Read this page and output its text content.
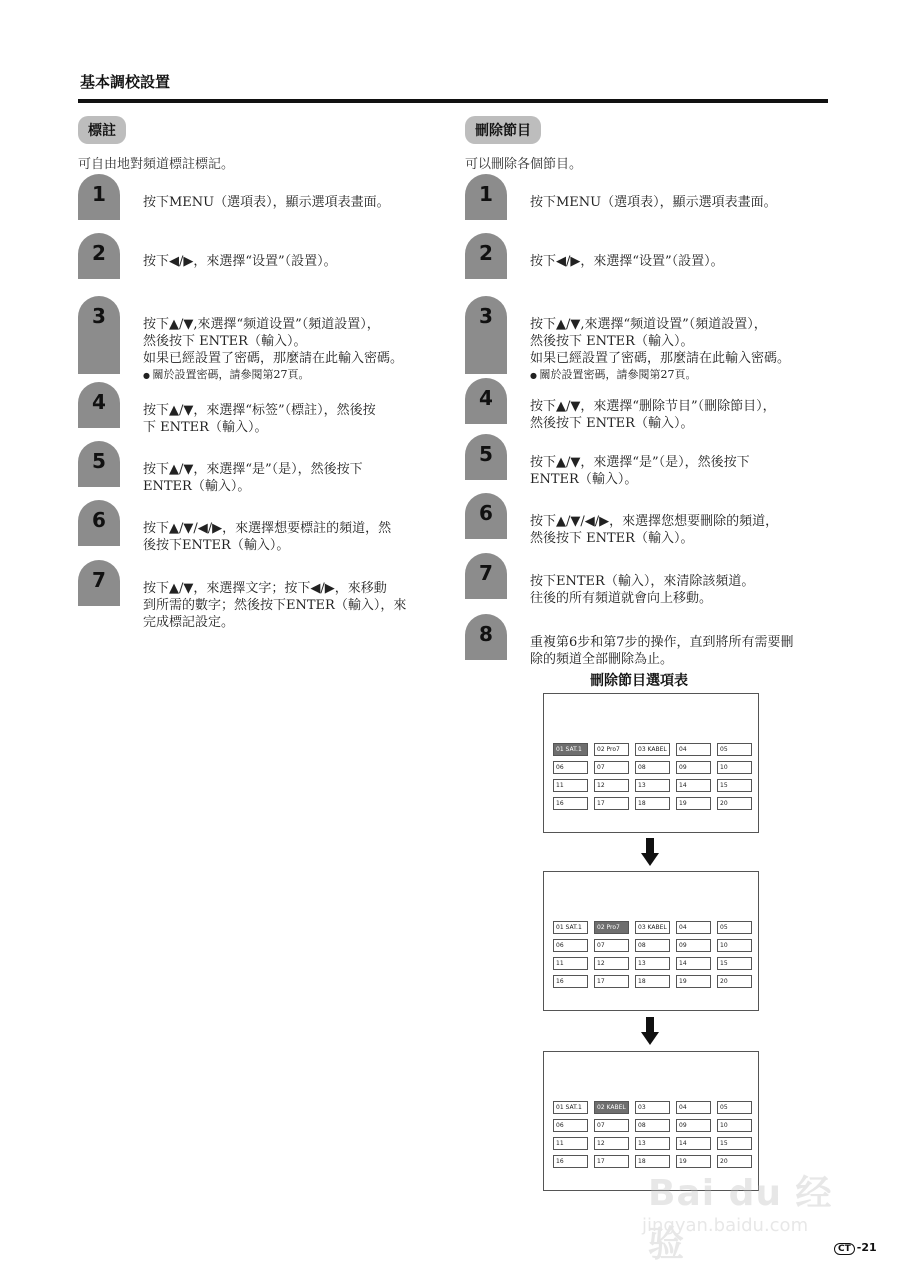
基本調校設置
標註
可自由地對頻道標註標記。
1	按下MENU（選項表），顯示選項表畫面。
2	按下◀/▶，來選擇“设置”（設置）。
3	按下▲/▼,來選擇“频道设置”（頻道設置），
然後按下 ENTER（輸入）。
如果已經設置了密碼，那麼請在此輸入密碼。
● 關於設置密碼，請參閱第27頁。
4	按下▲/▼，來選擇“标签”（標註），然後按
下 ENTER（輸入）。
5	按下▲/▼，來選擇“是”（是），然後按下
ENTER（輸入）。
6	按下▲/▼/◀/▶，來選擇想要標註的頻道，然
後按下ENTER（輸入）。
7	按下▲/▼，來選擇文字；按下◀/▶，來移動
到所需的數字；然後按下ENTER（輸入），來
完成標記設定。
刪除節目
可以刪除各個節目。
1	按下MENU（選項表），顯示選項表畫面。
2	按下◀/▶，來選擇“设置”（設置）。
3	按下▲/▼,來選擇“频道设置”（頻道設置），
然後按下 ENTER（輸入）。
如果已經設置了密碼，那麼請在此輸入密碼。
● 關於設置密碼，請參閱第27頁。
4	按下▲/▼，來選擇“删除节目”（刪除節目），
然後按下 ENTER（輸入）。
5	按下▲/▼，來選擇“是”（是），然後按下
ENTER（輸入）。
6	按下▲/▼/◀/▶，來選擇您想要刪除的頻道，
然後按下 ENTER（輸入）。
7	按下ENTER（輸入），來清除該頻道。
往後的所有頻道就會向上移動。
8	重複第6步和第7步的操作，直到將所有需要刪
除的頻道全部刪除為止。
刪除節目選項表
01 SAT.1	02 Pro7	03 KABEL	04	05
06	07	08	09	10
11	12	13	14	15
16	17	18	19	20
01 SAT.1	02 Pro7	03 KABEL	04	05
06	07	08	09	10
11	12	13	14	15
16	17	18	19	20
01 SAT.1	02 KABEL	03	04	05
06	07	08	09	10
11	12	13	14	15
16	17	18	19	20
Bai du 经验
jingyan.baidu.com
CT -21
